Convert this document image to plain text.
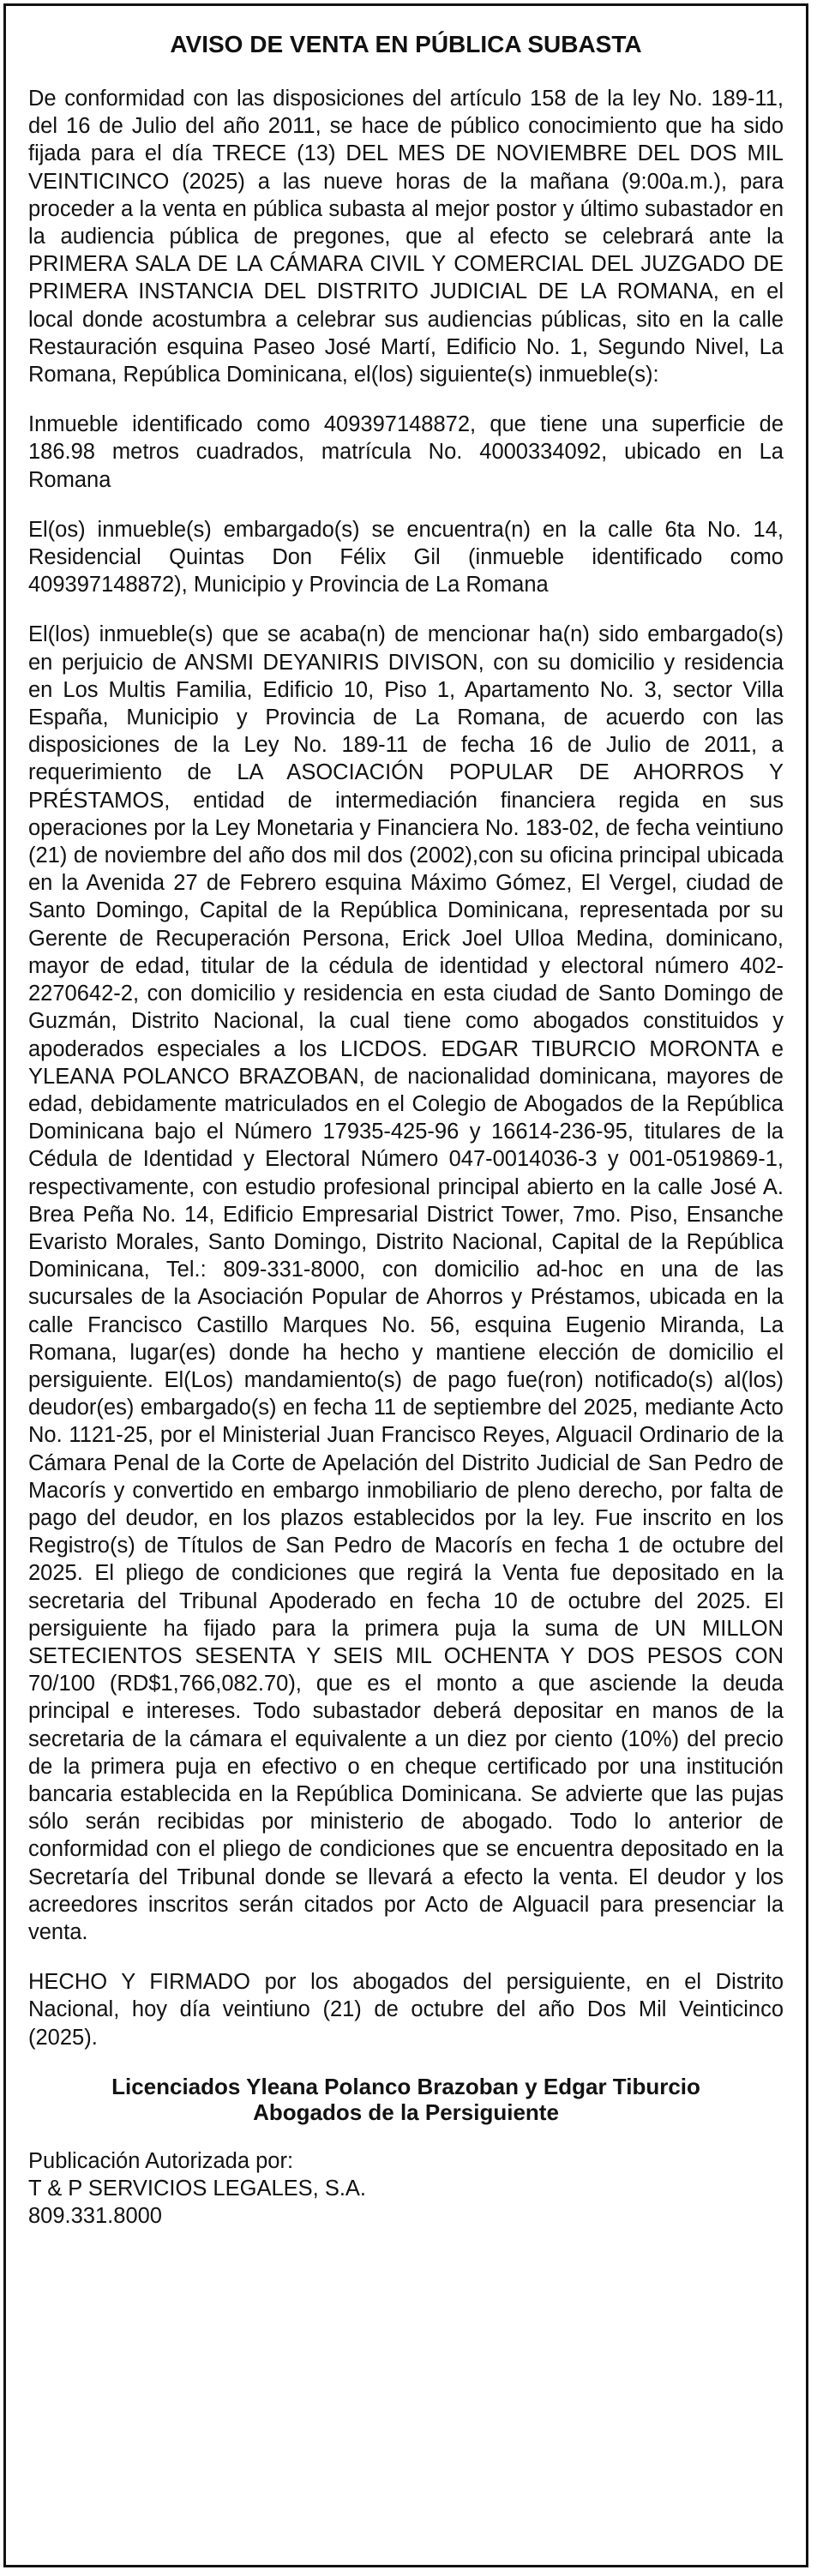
AVISO DE VENTA EN PÚBLICA SUBASTA

De conformidad con las disposiciones del artículo 158 de la ley No. 189-11, del 16 de Julio del año 2011, se hace de público conocimiento que ha sido fijada para el día TRECE (13) DEL MES DE NOVIEMBRE DEL DOS MIL VEINTICINCO (2025) a las nueve horas de la mañana (9:00a.m.), para proceder a la venta en pública subasta al mejor postor y último subastador en la audiencia pública de pregones, que al efecto se celebrará ante la PRIMERA SALA DE LA CÁMARA CIVIL Y COMERCIAL DEL JUZGADO DE PRIMERA INSTANCIA DEL DISTRITO JUDICIAL DE LA ROMANA, en el local donde acostumbra a celebrar sus audiencias públicas, sito en la calle Restauración esquina Paseo José Martí, Edificio No. 1, Segundo Nivel, La Romana, República Dominicana, el(los) siguiente(s) inmueble(s):

Inmueble identificado como 409397148872, que tiene una superficie de 186.98 metros cuadrados, matrícula No. 4000334092, ubicado en La Romana

El(os) inmueble(s) embargado(s) se encuentra(n) en la calle 6ta No. 14, Residencial Quintas Don Félix Gil (inmueble identificado como 409397148872), Municipio y Provincia de La Romana

El(los) inmueble(s) que se acaba(n) de mencionar ha(n) sido embargado(s) en perjuicio de ANSMI DEYANIRIS DIVISON, con su domicilio y residencia en Los Multis Familia, Edificio 10, Piso 1, Apartamento No. 3, sector Villa España, Municipio y Provincia de La Romana, de acuerdo con las disposiciones de la Ley No. 189-11 de fecha 16 de Julio de 2011, a requerimiento de LA ASOCIACIÓN POPULAR DE AHORROS Y PRÉSTAMOS, entidad de intermediación financiera regida en sus operaciones por la Ley Monetaria y Financiera No. 183-02, de fecha veintiuno (21) de noviembre del año dos mil dos (2002),con su oficina principal ubicada en la Avenida 27 de Febrero esquina Máximo Gómez, El Vergel, ciudad de Santo Domingo, Capital de la República Dominicana, representada por su Gerente de Recuperación Persona, Erick Joel Ulloa Medina, dominicano, mayor de edad, titular de la cédula de identidad y electoral número 402-2270642-2, con domicilio y residencia en esta ciudad de Santo Domingo de Guzmán, Distrito Nacional, la cual tiene como abogados constituidos y apoderados especiales a los LICDOS. EDGAR TIBURCIO MORONTA e YLEANA POLANCO BRAZOBAN, de nacionalidad dominicana, mayores de edad, debidamente matriculados en el Colegio de Abogados de la República Dominicana bajo el Número 17935-425-96 y 16614-236-95, titulares de la Cédula de Identidad y Electoral Número 047-0014036-3 y 001-0519869-1, respectivamente, con estudio profesional principal abierto en la calle José A. Brea Peña No. 14, Edificio Empresarial District Tower, 7mo. Piso, Ensanche Evaristo Morales, Santo Domingo, Distrito Nacional, Capital de la República Dominicana, Tel.: 809-331-8000, con domicilio ad-hoc en una de las sucursales de la Asociación Popular de Ahorros y Préstamos, ubicada en la calle Francisco Castillo Marques No. 56, esquina Eugenio Miranda, La Romana, lugar(es) donde ha hecho y mantiene elección de domicilio el persiguiente. El(Los) mandamiento(s) de pago fue(ron) notificado(s) al(los) deudor(es) embargado(s) en fecha 11 de septiembre del 2025, mediante Acto No. 1121-25, por el Ministerial Juan Francisco Reyes, Alguacil Ordinario de la Cámara Penal de la Corte de Apelación del Distrito Judicial de San Pedro de Macorís y convertido en embargo inmobiliario de pleno derecho, por falta de pago del deudor, en los plazos establecidos por la ley. Fue inscrito en los Registro(s) de Títulos de San Pedro de Macorís en fecha 1 de octubre del 2025. El pliego de condiciones que regirá la Venta fue depositado en la secretaria del Tribunal Apoderado en fecha 10 de octubre del 2025. El persiguiente ha fijado para la primera puja la suma de UN MILLON SETECIENTOS SESENTA Y SEIS MIL OCHENTA Y DOS PESOS CON 70/100 (RD$1,766,082.70), que es el monto a que asciende la deuda principal e intereses. Todo subastador deberá depositar en manos de la secretaria de la cámara el equivalente a un diez por ciento (10%) del precio de la primera puja en efectivo o en cheque certificado por una institución bancaria establecida en la República Dominicana. Se advierte que las pujas sólo serán recibidas por ministerio de abogado. Todo lo anterior de conformidad con el pliego de condiciones que se encuentra depositado en la Secretaría del Tribunal donde se llevará a efecto la venta. El deudor y los acreedores inscritos serán citados por Acto de Alguacil para presenciar la venta.

HECHO Y FIRMADO por los abogados del persiguiente, en el Distrito Nacional, hoy día veintiuno (21) de octubre del año Dos Mil Veinticinco (2025).

Licenciados Yleana Polanco Brazoban y Edgar Tiburcio
Abogados de la Persiguiente
Publicación Autorizada por:
T & P SERVICIOS LEGALES, S.A.
809.331.8000
